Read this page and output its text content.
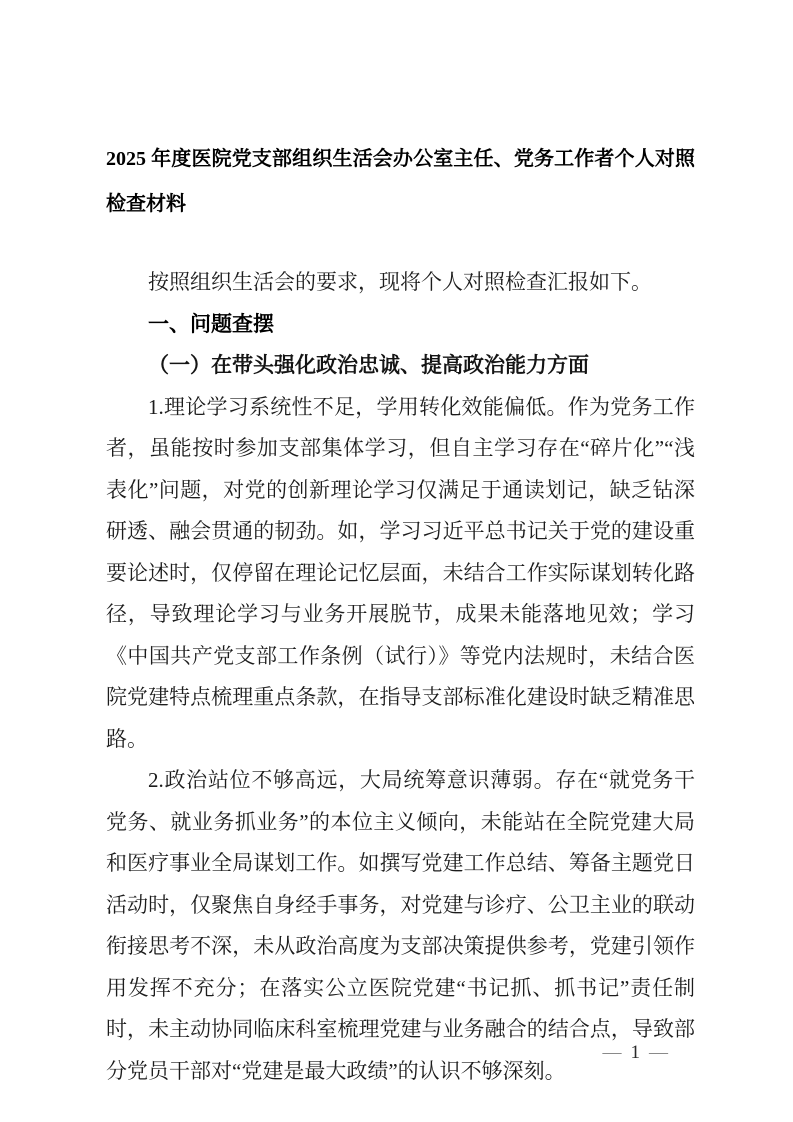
2025 年度医院党支部组织生活会办公室主任、党务工作者个人对照检查材料

按照组织生活会的要求，现将个人对照检查汇报如下。

一、问题查摆
（一）在带头强化政治忠诚、提高政治能力方面

1.理论学习系统性不足，学用转化效能偏低。作为党务工作者，虽能按时参加支部集体学习，但自主学习存在“碎片化”“浅表化”问题，对党的创新理论学习仅满足于通读划记，缺乏钻深研透、融会贯通的韧劲。如，学习习近平总书记关于党的建设重要论述时，仅停留在理论记忆层面，未结合工作实际谋划转化路径，导致理论学习与业务开展脱节，成果未能落地见效；学习《中国共产党支部工作条例（试行）》等党内法规时，未结合医院党建特点梳理重点条款，在指导支部标准化建设时缺乏精准思路。

2.政治站位不够高远，大局统筹意识薄弱。存在“就党务干党务、就业务抓业务”的本位主义倾向，未能站在全院党建大局和医疗事业全局谋划工作。如撰写党建工作总结、筹备主题党日活动时，仅聚焦自身经手事务，对党建与诊疗、公卫主业的联动衔接思考不深，未从政治高度为支部决策提供参考，党建引领作用发挥不充分；在落实公立医院党建“书记抓、抓书记”责任制时，未主动协同临床科室梳理党建与业务融合的结合点，导致部分党员干部对“党建是最大政绩”的认识不够深刻。

— 1 —
